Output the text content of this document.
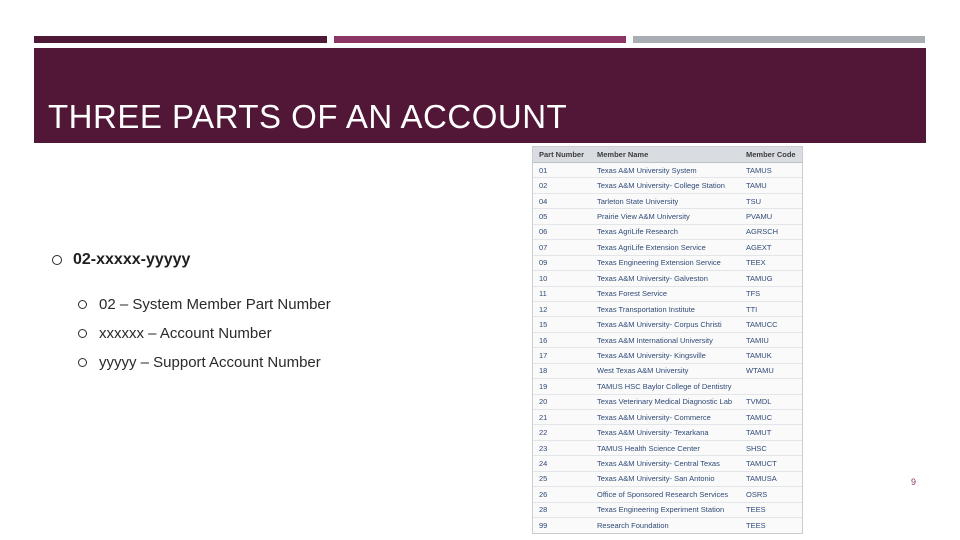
THREE PARTS OF AN ACCOUNT
02-xxxxx-yyyyy
02 – System Member Part Number
xxxxxx – Account Number
yyyyy – Support Account Number
Part Number	Member Name	Member Code
01	Texas A&M University System	TAMUS
02	Texas A&M University- College Station	TAMU
04	Tarleton State University	TSU
05	Prairie View A&M University	PVAMU
06	Texas AgriLife Research	AGRSCH
07	Texas AgriLife Extension Service	AGEXT
09	Texas Engineering Extension Service	TEEX
10	Texas A&M University- Galveston	TAMUG
11	Texas Forest Service	TFS
12	Texas Transportation Institute	TTI
15	Texas A&M University- Corpus Christi	TAMUCC
16	Texas A&M International University	TAMIU
17	Texas A&M University- Kingsville	TAMUK
18	West Texas A&M University	WTAMU
19	TAMUS HSC Baylor College of Dentistry	
20	Texas Veterinary Medical Diagnostic Lab	TVMDL
21	Texas A&M University- Commerce	TAMUC
22	Texas A&M University- Texarkana	TAMUT
23	TAMUS Health Science Center	SHSC
24	Texas A&M University- Central Texas	TAMUCT
25	Texas A&M University- San Antonio	TAMUSA
26	Office of Sponsored Research Services	OSRS
28	Texas Engineering Experiment Station	TEES
99	Research Foundation	TEES
9
